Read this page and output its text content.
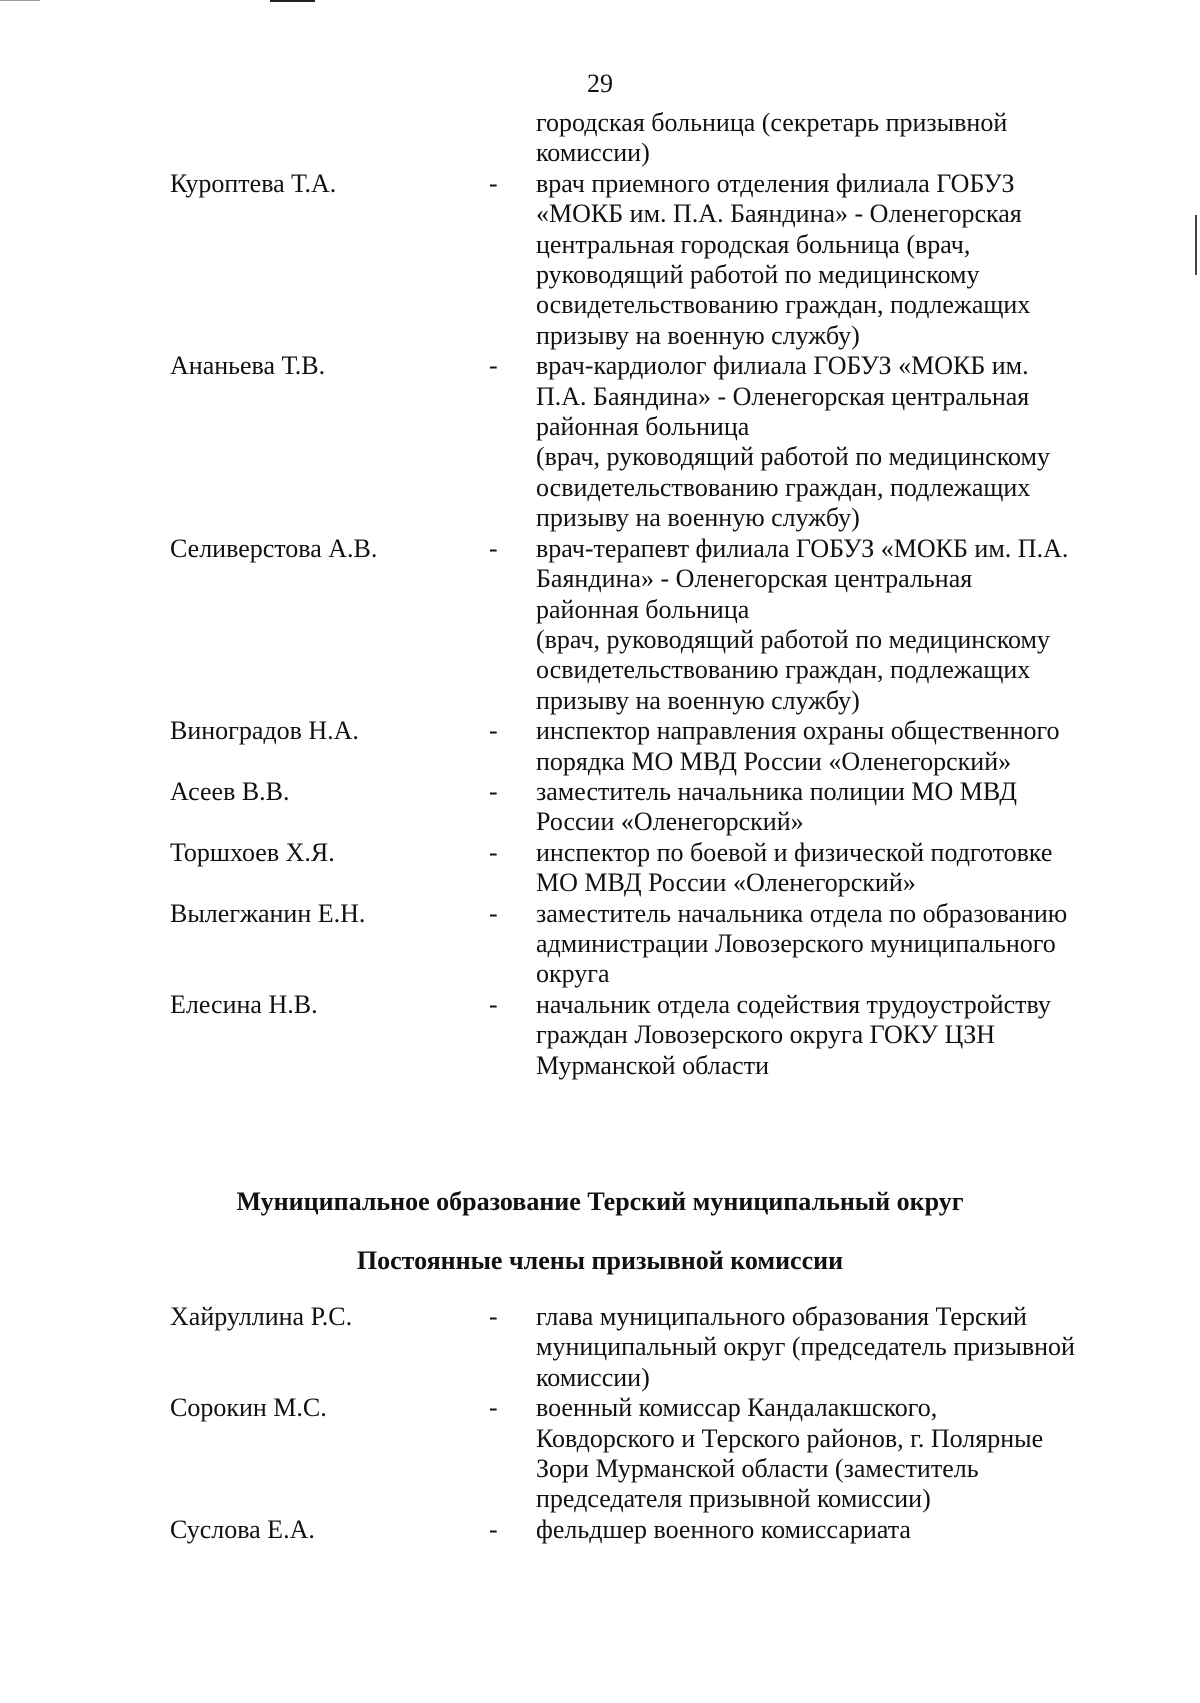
29
городская больница (секретарь призывной
комиссии)
Куроптева Т.А.	- врач приемного отделения филиала ГОБУЗ
«МОКБ им. П.А. Баяндина» - Оленегорская
центральная городская больница (врач,
руководящий работой по медицинскому
освидетельствованию граждан, подлежащих
призыву на военную службу)
Ананьева Т.В.	- врач-кардиолог филиала ГОБУЗ «МОКБ им.
П.А. Баяндина» - Оленегорская центральная
районная больница
(врач, руководящий работой по медицинскому
освидетельствованию граждан, подлежащих
призыву на военную службу)
Селиверстова А.В.	- врач-терапевт филиала ГОБУЗ «МОКБ им. П.А.
Баяндина» - Оленегорская центральная
районная больница
(врач, руководящий работой по медицинскому
освидетельствованию граждан, подлежащих
призыву на военную службу)
Виноградов Н.А.	- инспектор направления охраны общественного
порядка МО МВД России «Оленегорский»
Асеев В.В.	- заместитель начальника полиции МО МВД
России «Оленегорский»
Торшхоев Х.Я.	- инспектор по боевой и физической подготовке
МО МВД России «Оленегорский»
Вылегжанин Е.Н.	- заместитель начальника отдела по образованию
администрации Ловозерского муниципального
округа
Елесина Н.В.	- начальник отдела содействия трудоустройству
граждан Ловозерского округа ГОКУ ЦЗН
Мурманской области
Муниципальное образование Терский муниципальный округ
Постоянные члены призывной комиссии
Хайруллина Р.С.	- глава муниципального образования Терский
муниципальный округ (председатель призывной
комиссии)
Сорокин М.С.	- военный комиссар Кандалакшского,
Ковдорского и Терского районов, г. Полярные
Зори Мурманской области (заместитель
председателя призывной комиссии)
Суслова Е.А.	- фельдшер военного комиссариата
